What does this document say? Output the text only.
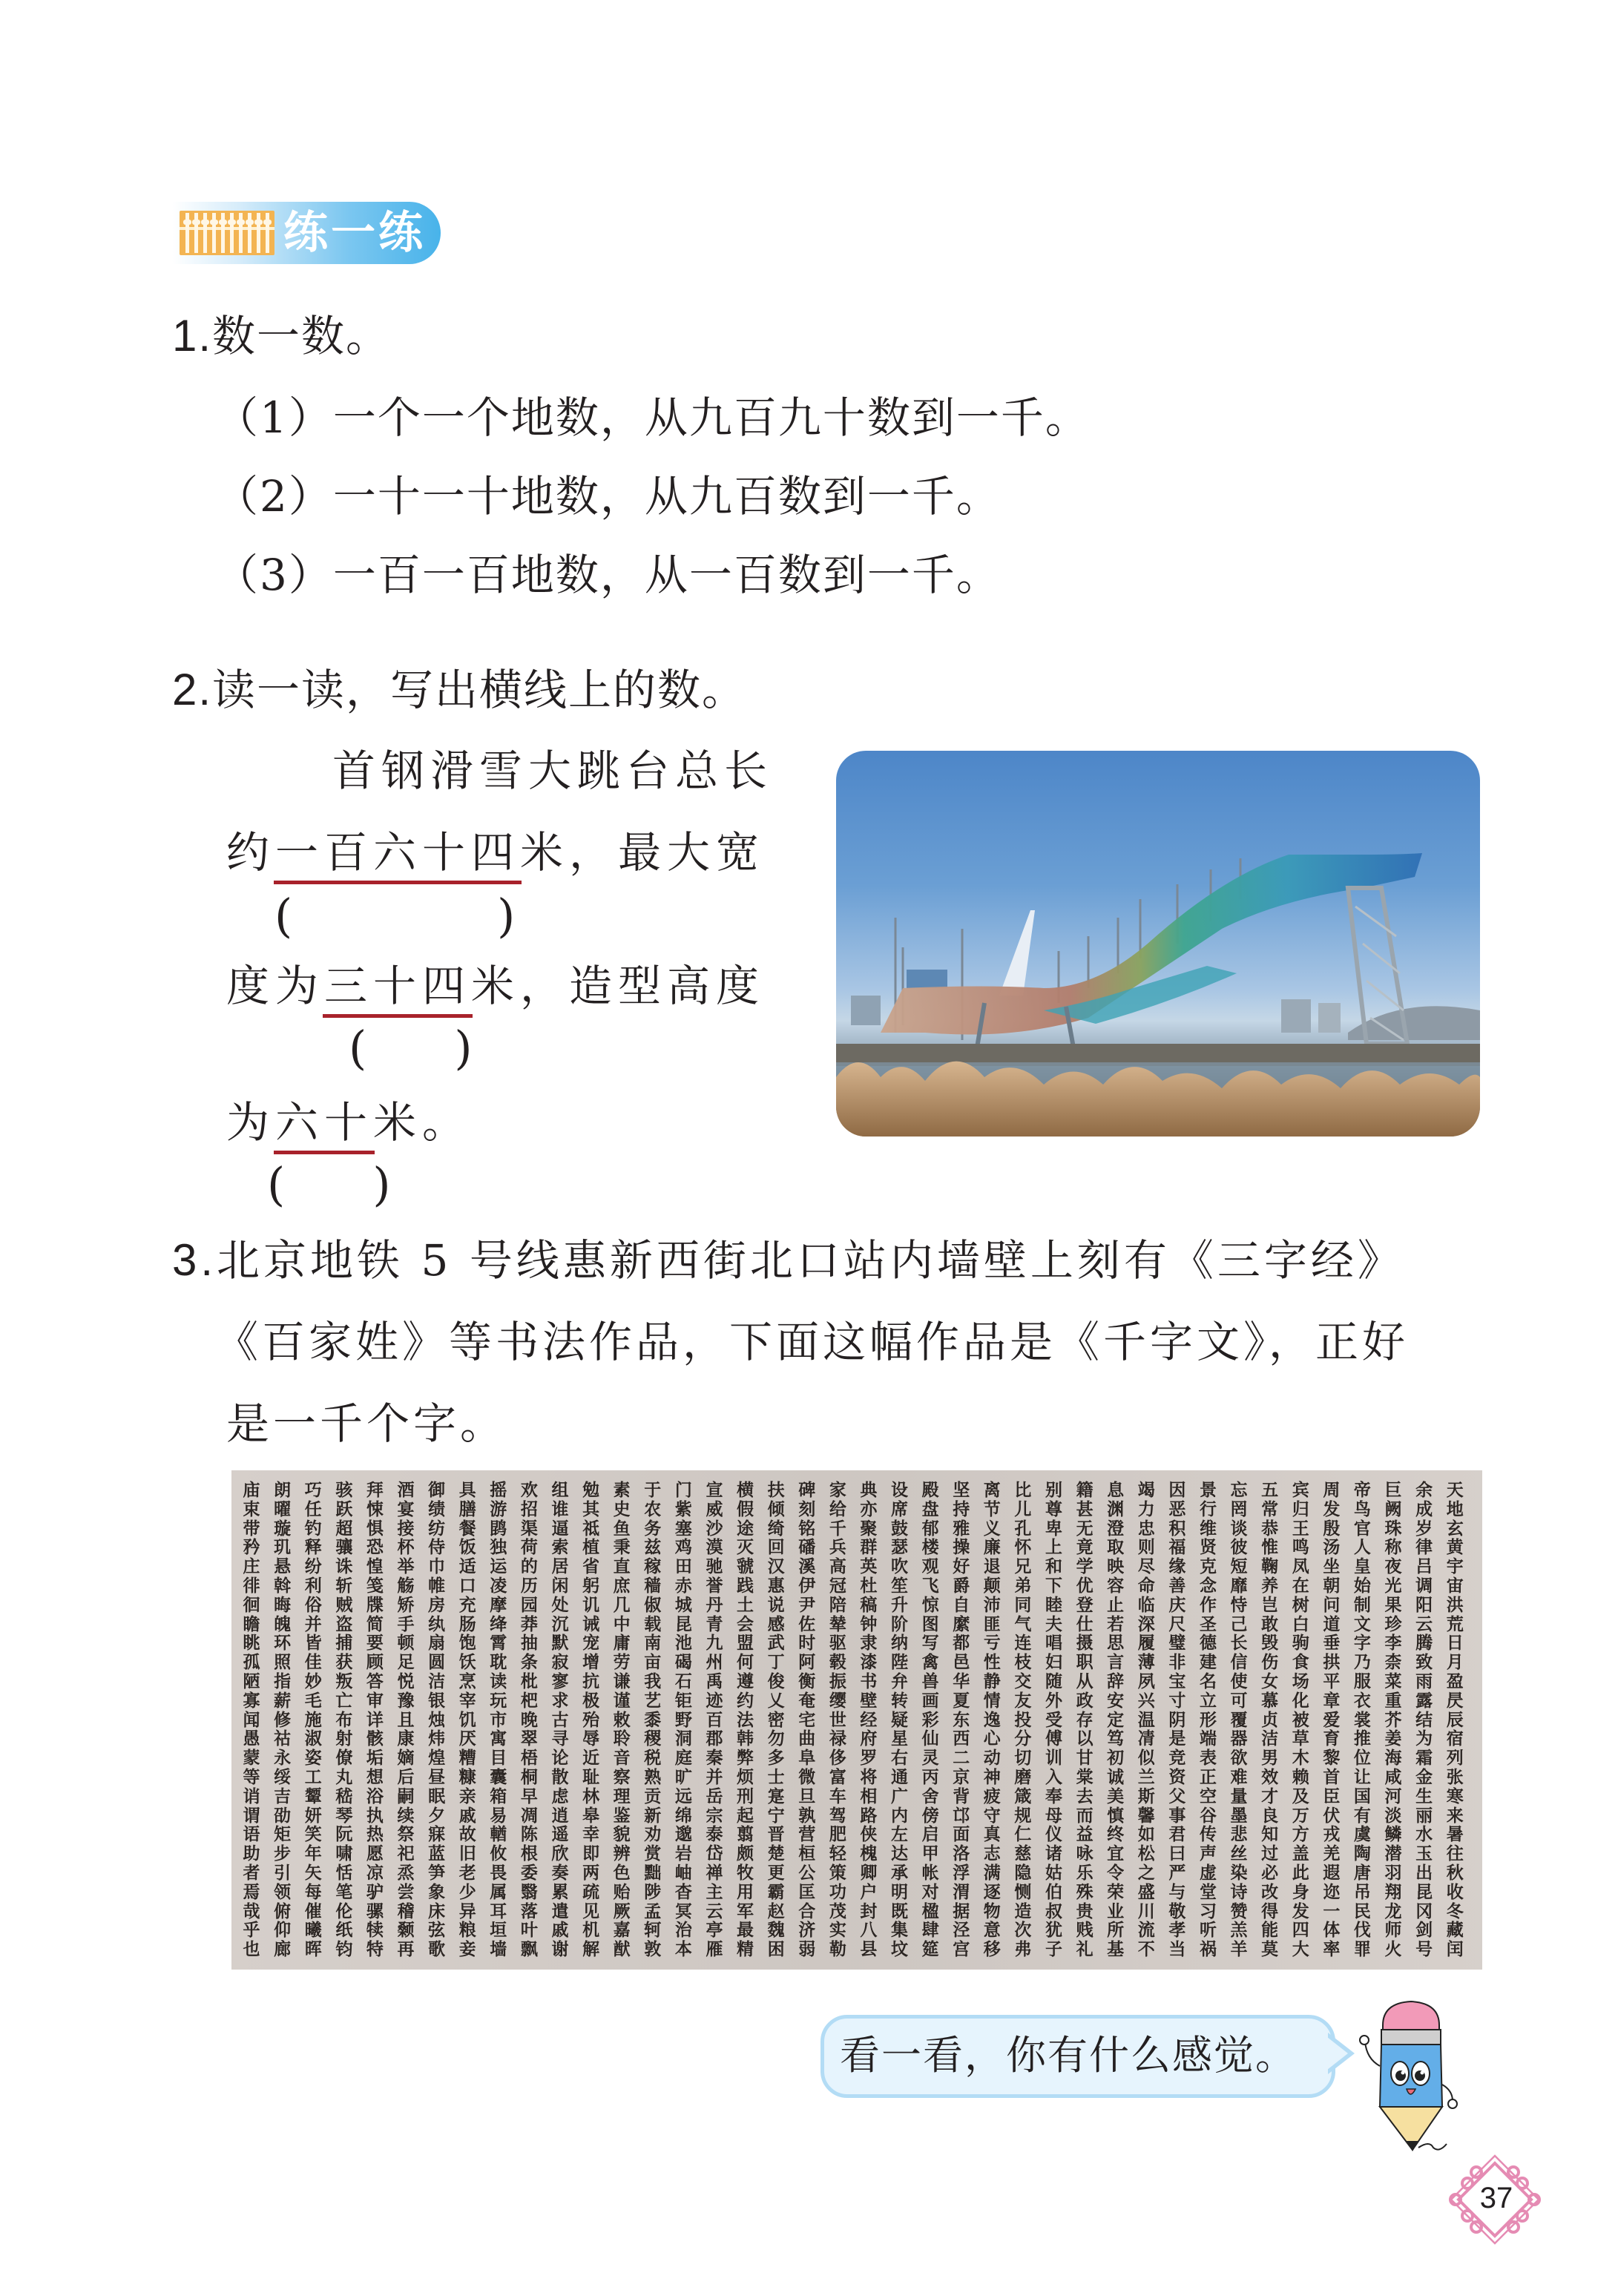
练一练
1.数一数。
（1）一个一个地数，从九百九十数到一千。
（2）一十一十地数，从九百数到一千。
（3）一百一百地数，从一百数到一千。
2.读一读，写出横线上的数。
首钢滑雪大跳台总长
约一百六十四米，最大宽
(              )
度为三十四米，造型高度
(      )
为六十米。
(      )
3.北京地铁 5 号线惠新西街北口站内墙壁上刻有《三字经》
《百家姓》等书法作品，下面这幅作品是《千字文》，正好
是一千个字。
天
地
玄
黄
宇
宙
洪
荒
日
月
盈
昃
辰
宿
列
张
寒
来
暑
往
秋
收
冬
藏
闰
余
成
岁
律
吕
调
阳
云
腾
致
雨
露
结
为
霜
金
生
丽
水
玉
出
昆
冈
剑
号
巨
阙
珠
称
夜
光
果
珍
李
柰
菜
重
芥
姜
海
咸
河
淡
鳞
潜
羽
翔
龙
师
火
帝
鸟
官
人
皇
始
制
文
字
乃
服
衣
裳
推
位
让
国
有
虞
陶
唐
吊
民
伐
罪
周
发
殷
汤
坐
朝
问
道
垂
拱
平
章
爱
育
黎
首
臣
伏
戎
羌
遐
迩
一
体
率
宾
归
王
鸣
凤
在
树
白
驹
食
场
化
被
草
木
赖
及
万
方
盖
此
身
发
四
大
五
常
恭
惟
鞠
养
岂
敢
毁
伤
女
慕
贞
洁
男
效
才
良
知
过
必
改
得
能
莫
忘
罔
谈
彼
短
靡
恃
己
长
信
使
可
覆
器
欲
难
量
墨
悲
丝
染
诗
赞
羔
羊
景
行
维
贤
克
念
作
圣
德
建
名
立
形
端
表
正
空
谷
传
声
虚
堂
习
听
祸
因
恶
积
福
缘
善
庆
尺
璧
非
宝
寸
阴
是
竞
资
父
事
君
曰
严
与
敬
孝
当
竭
力
忠
则
尽
命
临
深
履
薄
夙
兴
温
凊
似
兰
斯
馨
如
松
之
盛
川
流
不
息
渊
澄
取
映
容
止
若
思
言
辞
安
定
笃
初
诚
美
慎
终
宜
令
荣
业
所
基
籍
甚
无
竟
学
优
登
仕
摄
职
从
政
存
以
甘
棠
去
而
益
咏
乐
殊
贵
贱
礼
别
尊
卑
上
和
下
睦
夫
唱
妇
随
外
受
傅
训
入
奉
母
仪
诸
姑
伯
叔
犹
子
比
儿
孔
怀
兄
弟
同
气
连
枝
交
友
投
分
切
磨
箴
规
仁
慈
隐
恻
造
次
弗
离
节
义
廉
退
颠
沛
匪
亏
性
静
情
逸
心
动
神
疲
守
真
志
满
逐
物
意
移
坚
持
雅
操
好
爵
自
縻
都
邑
华
夏
东
西
二
京
背
邙
面
洛
浮
渭
据
泾
宫
殿
盘
郁
楼
观
飞
惊
图
写
禽
兽
画
彩
仙
灵
丙
舍
傍
启
甲
帐
对
楹
肆
筵
设
席
鼓
瑟
吹
笙
升
阶
纳
陛
弁
转
疑
星
右
通
广
内
左
达
承
明
既
集
坟
典
亦
聚
群
英
杜
稿
钟
隶
漆
书
壁
经
府
罗
将
相
路
侠
槐
卿
户
封
八
县
家
给
千
兵
高
冠
陪
辇
驱
毂
振
缨
世
禄
侈
富
车
驾
肥
轻
策
功
茂
实
勒
碑
刻
铭
磻
溪
伊
尹
佐
时
阿
衡
奄
宅
曲
阜
微
旦
孰
营
桓
公
匡
合
济
弱
扶
倾
绮
回
汉
惠
说
感
武
丁
俊
乂
密
勿
多
士
寔
宁
晋
楚
更
霸
赵
魏
困
横
假
途
灭
虢
践
土
会
盟
何
遵
约
法
韩
弊
烦
刑
起
翦
颇
牧
用
军
最
精
宣
威
沙
漠
驰
誉
丹
青
九
州
禹
迹
百
郡
秦
并
岳
宗
泰
岱
禅
主
云
亭
雁
门
紫
塞
鸡
田
赤
城
昆
池
碣
石
钜
野
洞
庭
旷
远
绵
邈
岩
岫
杳
冥
治
本
于
农
务
兹
稼
穑
俶
载
南
亩
我
艺
黍
稷
税
熟
贡
新
劝
赏
黜
陟
孟
轲
敦
素
史
鱼
秉
直
庶
几
中
庸
劳
谦
谨
敕
聆
音
察
理
鉴
貌
辨
色
贻
厥
嘉
猷
勉
其
祗
植
省
躬
讥
诫
宠
增
抗
极
殆
辱
近
耻
林
皋
幸
即
两
疏
见
机
解
组
谁
逼
索
居
闲
处
沉
默
寂
寥
求
古
寻
论
散
虑
逍
遥
欣
奏
累
遣
戚
谢
欢
招
渠
荷
的
历
园
莽
抽
条
枇
杷
晚
翠
梧
桐
早
凋
陈
根
委
翳
落
叶
飘
摇
游
鹍
独
运
凌
摩
绛
霄
耽
读
玩
市
寓
目
囊
箱
易
輶
攸
畏
属
耳
垣
墙
具
膳
餐
饭
适
口
充
肠
饱
饫
烹
宰
饥
厌
糟
糠
亲
戚
故
旧
老
少
异
粮
妾
御
绩
纺
侍
巾
帷
房
纨
扇
圆
洁
银
烛
炜
煌
昼
眠
夕
寐
蓝
笋
象
床
弦
歌
酒
宴
接
杯
举
觞
矫
手
顿
足
悦
豫
且
康
嫡
后
嗣
续
祭
祀
烝
尝
稽
颡
再
拜
悚
惧
恐
惶
笺
牒
简
要
顾
答
审
详
骸
垢
想
浴
执
热
愿
凉
驴
骡
犊
特
骇
跃
超
骧
诛
斩
贼
盗
捕
获
叛
亡
布
射
僚
丸
嵇
琴
阮
啸
恬
笔
伦
纸
钧
巧
任
钓
释
纷
利
俗
并
皆
佳
妙
毛
施
淑
姿
工
颦
妍
笑
年
矢
每
催
曦
晖
朗
曜
璇
玑
悬
斡
晦
魄
环
照
指
薪
修
祜
永
绥
吉
劭
矩
步
引
领
俯
仰
廊
庙
束
带
矜
庄
徘
徊
瞻
眺
孤
陋
寡
闻
愚
蒙
等
诮
谓
语
助
者
焉
哉
乎
也
看一看，你有什么感觉。
37
